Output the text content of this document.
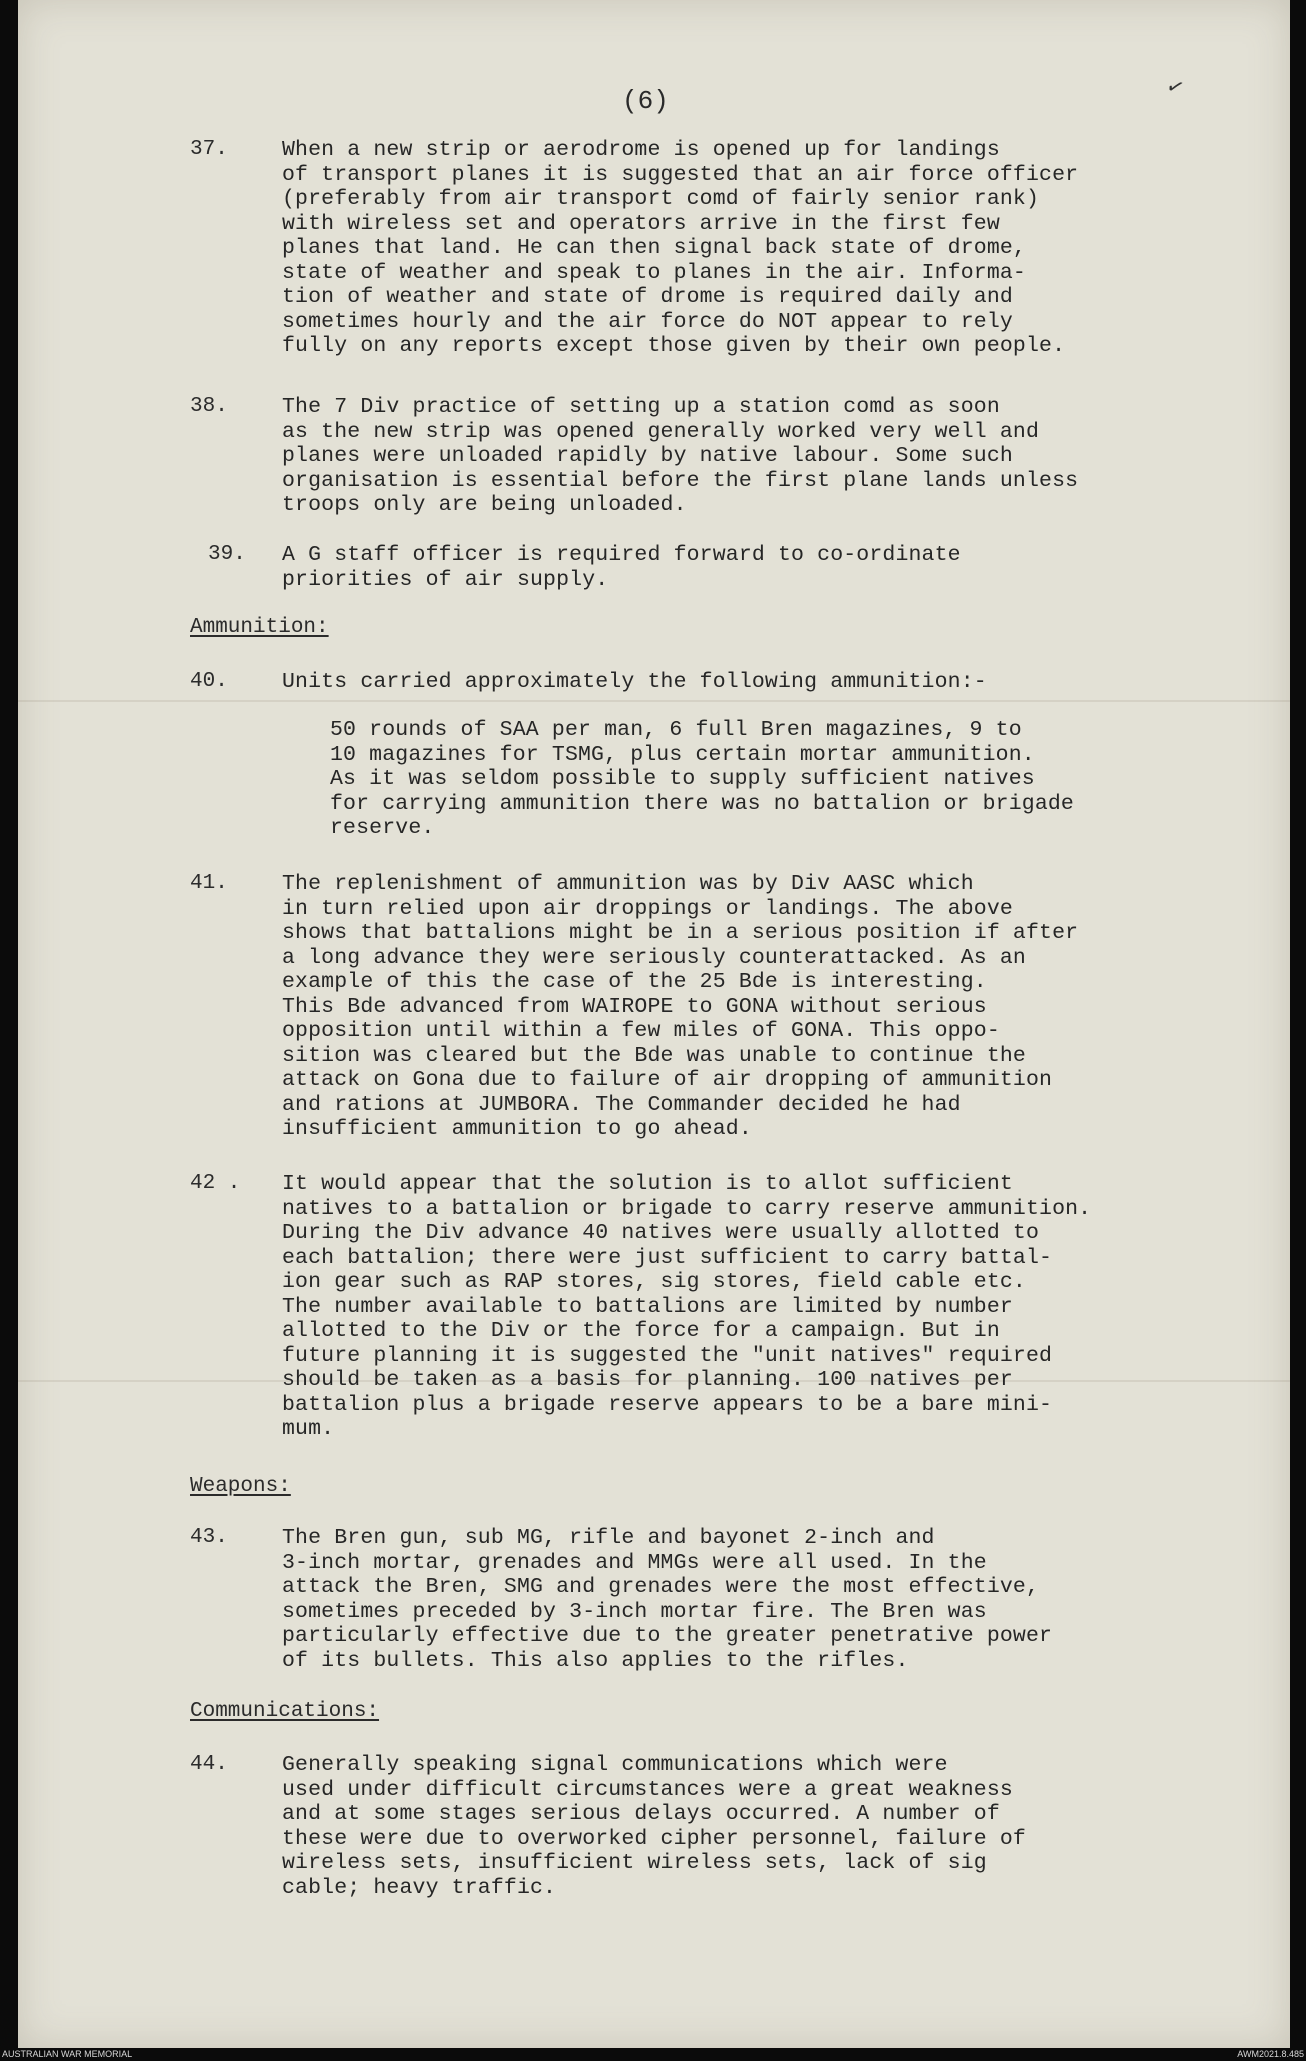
(6)	✓
37.	When a new strip or aerodrome is opened up for landings
of transport planes it is suggested that an air force officer
(preferably from air transport comd of fairly senior rank)
with wireless set and operators arrive in the first few
planes that land. He can then signal back state of drome,
state of weather and speak to planes in the air. Informa-
tion of weather and state of drome is required daily and
sometimes hourly and the air force do NOT appear to rely
fully on any reports except those given by their own people.
38.	The 7 Div practice of setting up a station comd as soon
as the new strip was opened generally worked very well and
planes were unloaded rapidly by native labour. Some such
organisation is essential before the first plane lands unless
troops only are being unloaded.
39. A G staff officer is required forward to co-ordinate
priorities of air supply.
Ammunition:
40.	Units carried approximately the following ammunition:-
50 rounds of SAA per man, 6 full Bren magazines, 9 to
10 magazines for TSMG, plus certain mortar ammunition.
As it was seldom possible to supply sufficient natives
for carrying ammunition there was no battalion or brigade
reserve.
41.	The replenishment of ammunition was by Div AASC which
in turn relied upon air droppings or landings. The above
shows that battalions might be in a serious position if after
a long advance they were seriously counterattacked. As an
example of this the case of the 25 Bde is interesting.
This Bde advanced from WAIROPE to GONA without serious
opposition until within a few miles of GONA. This oppo-
sition was cleared but the Bde was unable to continue the
attack on Gona due to failure of air dropping of ammunition
and rations at JUMBORA. The Commander decided he had
insufficient ammunition to go ahead.
42 . It would appear that the solution is to allot sufficient
natives to a battalion or brigade to carry reserve ammunition.
During the Div advance 40 natives were usually allotted to
each battalion; there were just sufficient to carry battal-
ion gear such as RAP stores, sig stores, field cable etc.
The number available to battalions are limited by number
allotted to the Div or the force for a campaign. But in
future planning it is suggested the "unit natives" required
should be taken as a basis for planning. 100 natives per
battalion plus a brigade reserve appears to be a bare mini-
mum.
Weapons:
43.	The Bren gun, sub MG, rifle and bayonet 2-inch and
3-inch mortar, grenades and MMGs were all used. In the
attack the Bren, SMG and grenades were the most effective,
sometimes preceded by 3-inch mortar fire. The Bren was
particularly effective due to the greater penetrative power
of its bullets. This also applies to the rifles.
Communications:
44.	Generally speaking signal communications which were
used under difficult circumstances were a great weakness
and at some stages serious delays occurred. A number of
these were due to overworked cipher personnel, failure of
wireless sets, insufficient wireless sets, lack of sig
cable; heavy traffic.
AUSTRALIAN WAR MEMORIAL	AWM2021.8.485
